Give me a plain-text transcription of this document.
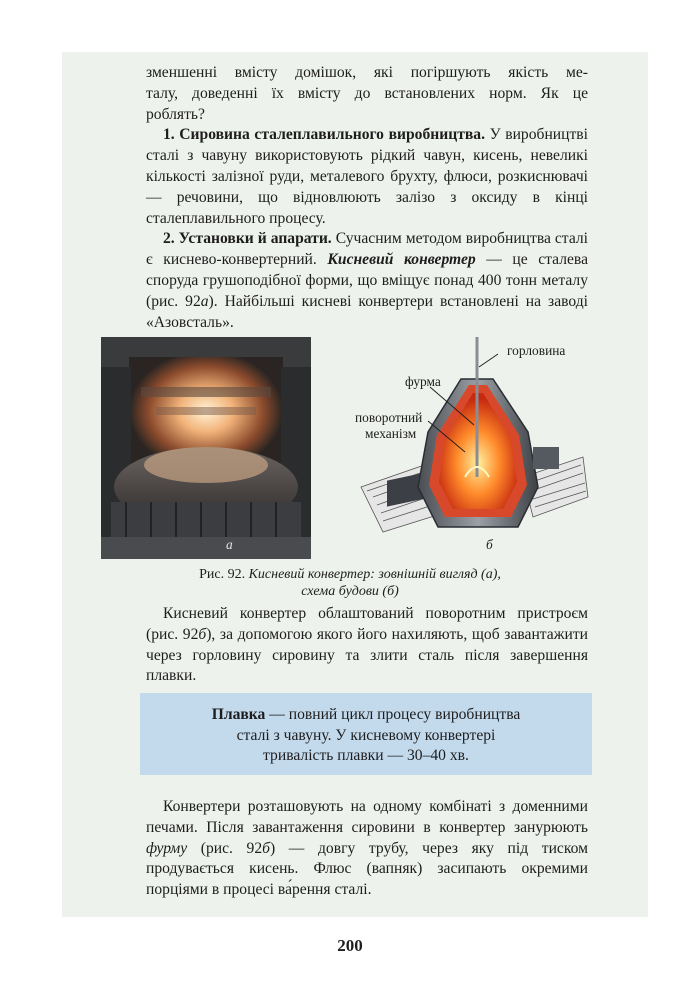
зменшенні вмісту домішок, які погіршують якість ме-

талу, доведенні їх вмісту до встановлених норм. Як це

роблять?

1. Сировина сталеплавильного виробництва. У виробництві сталі з чавуну використовують рідкий чавун, кисень, невеликі кількості залізної руди, металевого брухту, флюси, розкиснювачі — речовини, що відновлюють залізо з оксиду в кінці сталеплавильного процесу.

2. Установки й апарати. Сучасним методом виробництва сталі є киснево-конвертерний. Кисневий конвертер — це сталева споруда грушоподібної форми, що вміщує понад 400 тонн металу (рис. 92а). Найбільші кисневі конвертери встановлені на заводі «Азовсталь».

а
горловина
фурма
поворотний
механізм
б
Рис. 92. Кисневий конвертер: зовнішній вигляд (а),
схема будови (б)

Кисневий конвертер облаштований поворотним пристроєм (рис. 92б), за допомогою якого його нахиляють, щоб завантажити через горловину сировину та злити сталь після завершення плавки.

Плавка — повний цикл процесу виробництва
сталі з чавуну. У кисневому конвертері
тривалість плавки — 30–40 хв.

Конвертери розташовують на одному комбінаті з доменними печами. Після завантаження сировини в конвертер занурюють фурму (рис. 92б) — довгу трубу, через яку під тиском продувається кисень. Флюс (вапняк) засипають окремими порціями в процесі ва́рення сталі.

200
